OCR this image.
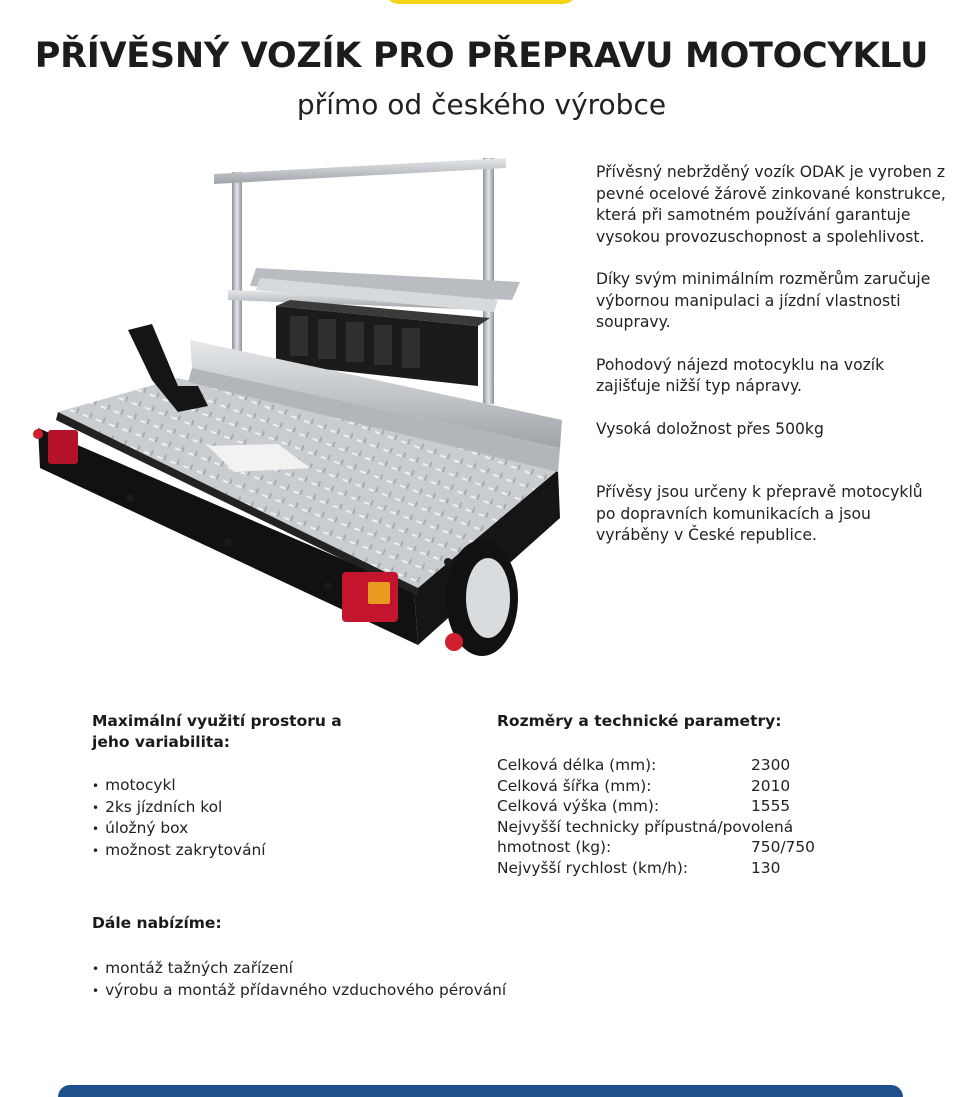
PŘÍVĚSNÝ VOZÍK PRO PŘEPRAVU MOTOCYKLU
přímo od českého výrobce

Přívěsný nebržděný vozík ODAK je vyroben z pevné ocelové žárově zinkované konstrukce, která při samotném používání garantuje vysokou provozuschopnost a spolehlivost.

Díky svým minimálním rozměrům zaručuje výbornou manipulaci a jízdní vlastnosti soupravy.

Pohodový nájezd motocyklu na vozík zajišťuje nižší typ nápravy.

Vysoká doložnost přes 500kg

Přívěsy jsou určeny k přepravě motocyklů po dopravních komunikacích a jsou vyráběny v České republice.

Maximální využití prostoru a jeho variabilita:
• motocykl
• 2ks jízdních kol
• úložný box
• možnost zakrytování
Rozměry a technické parametry:
Celková délka (mm):	2300
Celková šířka (mm):	2010
Celková výška (mm):	1555
Nejvyšší technicky přípustná/povolená	
hmotnost (kg):	750/750
Nejvyšší rychlost (km/h):	130
Dále nabízíme:
• montáž tažných zařízení
• výrobu a montáž přídavného vzduchového pérování
